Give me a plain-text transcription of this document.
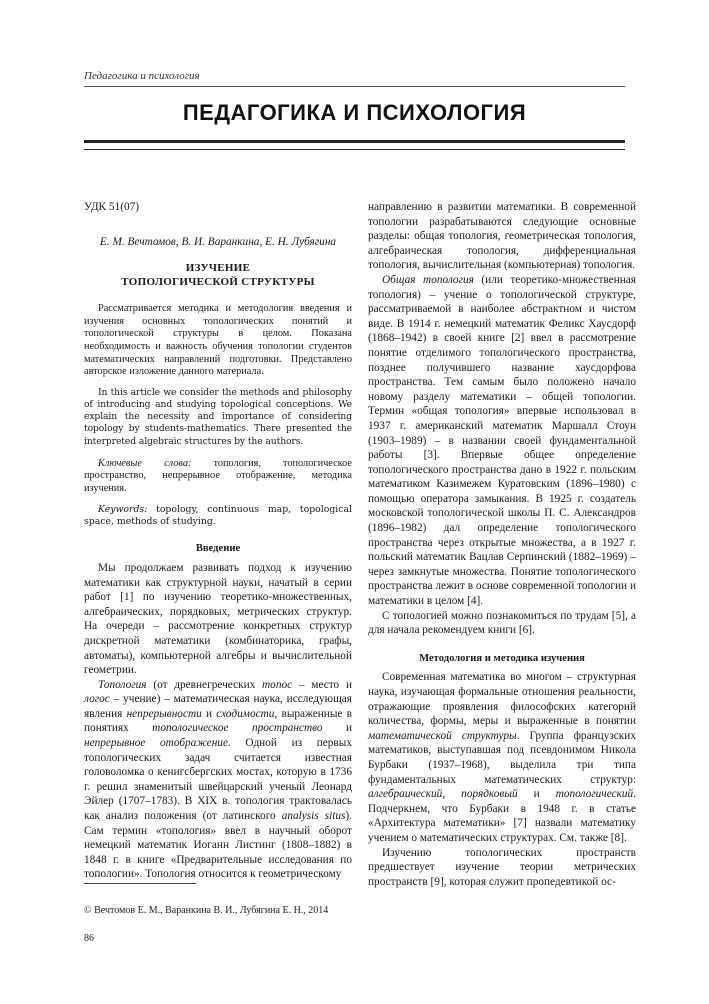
Педагогика и психология
ПЕДАГОГИКА И ПСИХОЛОГИЯ

УДК 51(07)

Е. М. Вечтомов, В. И. Варанкина, Е. Н. Лубягина

ИЗУЧЕНИЕ
ТОПОЛОГИЧЕСКОЙ СТРУКТУРЫ

Рассматривается методика и методология введения и изучения основных топологических понятий и топологической структуры в целом. Показана необходимость и важность обучения топологии студентов математических направлений подготовки. Представлено авторское изложение данного материала.

In this article we consider the methods and philosophy of introducing and studying topological conceptions. We explain the necessity and importance of considering topology by students-mathematics. There presented the interpreted algebraic structures by the authors.

Ключевые слова: топология, топологическое пространство, непрерывное отображение, методика изучения.

Keywords: topology, continuous map, topological space, methods of studying.

Введение

Мы продолжаем развивать подход к изучению математики как структурной науки, начатый в серии работ [1] по изучению теоретико-множественных, алгебраических, порядковых, метрических структур. На очереди – рассмотрение конкретных структур дискретной математики (комбинаторика, графы, автоматы), компьютерной алгебры и вычислительной геометрии.

Топология (от древнегреческих топос – место и логос – учение) – математическая наука, исследующая явления непрерывности и сходимости, выраженные в понятиях топологическое пространство и непрерывное отображение. Одной из первых топологических задач считается известная головоломка о кенигсбергских мостах, которую в 1736 г. решил знаменитый швейцарский ученый Леонард Эйлер (1707–1783). В XIX в. топология трактовалась как анализ положения (от латинского analysis situs). Сам термин «топология» ввел в научный оборот немецкий математик Иоганн Листинг (1808–1882) в 1848 г. в книге «Предварительные исследования по топологии». Топология относится к геометрическому

направлению в развитии математики. В современной топологии разрабатываются следующие основные разделы: общая топология, геометрическая топология, алгебраическая топология, дифференциальная топология, вычислительная (компьютерная) топология.

Общая топология (или теоретико-множественная топология) – учение о топологической структуре, рассматриваемой в наиболее абстрактном и чистом виде. В 1914 г. немецкий математик Феликс Хаусдорф (1868–1942) в своей книге [2] ввел в рассмотрение понятие отделимого топологического пространства, позднее получившего название хаусдорфова пространства. Тем самым было положено начало новому разделу математики – общей топологии. Термин «общая топология» впервые использовал в 1937 г. американский математик Маршалл Стоун (1903–1989) – в названии своей фундаментальной работы [3]. Впервые общее определение топологического пространства дано в 1922 г. польским математиком Казимежем Куратовским (1896–1980) с помощью оператора замыкания. В 1925 г. создатель московской топологической школы П. С. Александров (1896–1982) дал определение топологического пространства через открытые множества, а в 1927 г. польский математик Вацлав Серпинский (1882–1969) – через замкнутые множества. Понятие топологического пространства лежит в основе современной топологии и математики в целом [4].

С топологией можно познакомиться по трудам [5], а для начала рекомендуем книги [6].

Методология и методика изучения

Современная математика во многом – структурная наука, изучающая формальные отношения реальности, отражающие проявления философских категорий количества, формы, меры и выраженные в понятии математической структуры. Группа французских математиков, выступавшая под псевдонимом Никола Бурбаки (1937–1968), выделила три типа фундаментальных математических структур: алгебраический, порядковый и топологический. Подчеркнем, что Бурбаки в 1948 г. в статье «Архитектура математики» [7] назвали математику учением о математических структурах. См. также [8].

Изучению топологических пространств предшествует изучение теории метрических пространств [9], которая служит пропедевтикой ос-

© Вечтомов Е. М., Варанкина В. И., Лубягина Е. Н., 2014
86
